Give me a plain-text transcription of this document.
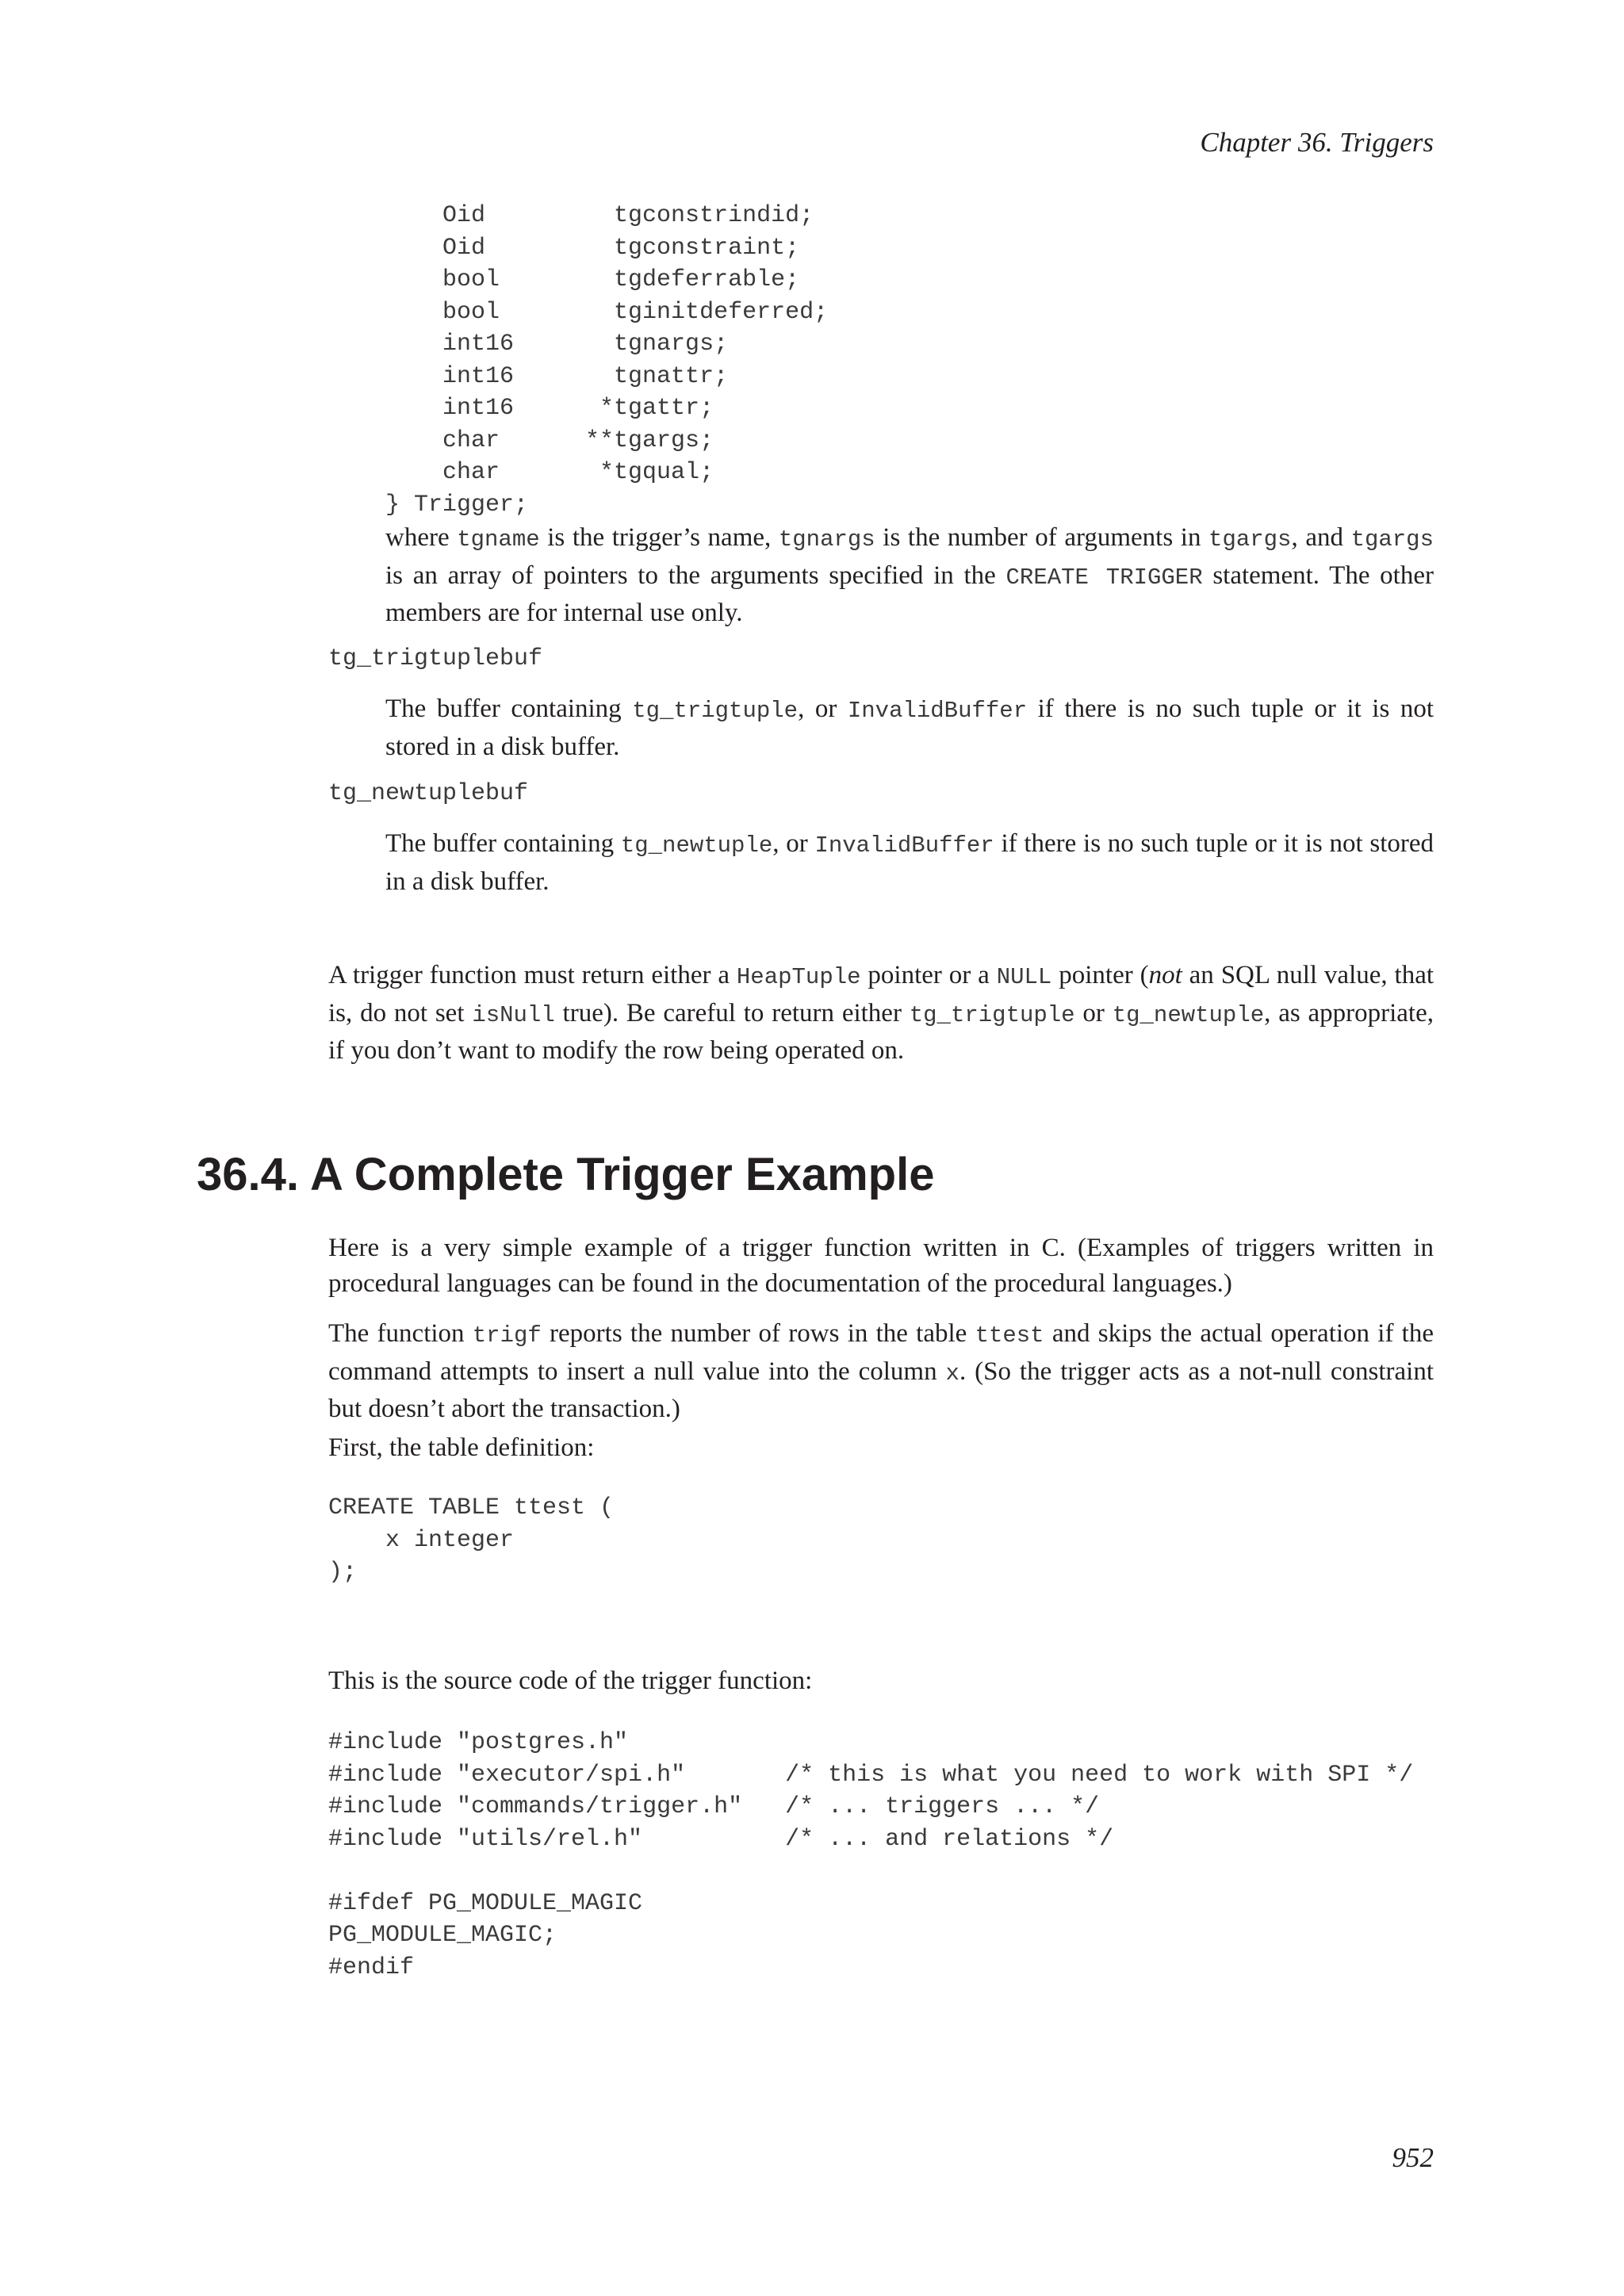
Chapter 36. Triggers
Oid         tgconstrindid;
Oid         tgconstraint;
bool        tgdeferrable;
bool        tginitdeferred;
int16       tgnargs;
int16       tgnattr;
int16      *tgattr;
char      **tgargs;
char       *tgqual;
} Trigger;
where tgname is the trigger’s name, tgnargs is the number of arguments in tgargs, and tgargs is an array of pointers to the arguments specified in the CREATE TRIGGER statement. The other members are for internal use only.
tg_trigtuplebuf
The buffer containing tg_trigtuple, or InvalidBuffer if there is no such tuple or it is not stored in a disk buffer.
tg_newtuplebuf
The buffer containing tg_newtuple, or InvalidBuffer if there is no such tuple or it is not stored in a disk buffer.
A trigger function must return either a HeapTuple pointer or a NULL pointer (not an SQL null value, that is, do not set isNull true). Be careful to return either tg_trigtuple or tg_newtuple, as appropriate, if you don’t want to modify the row being operated on.
36.4. A Complete Trigger Example
Here is a very simple example of a trigger function written in C. (Examples of triggers written in procedural languages can be found in the documentation of the procedural languages.)
The function trigf reports the number of rows in the table ttest and skips the actual operation if the command attempts to insert a null value into the column x. (So the trigger acts as a not-null constraint but doesn’t abort the transaction.)
First, the table definition:
CREATE TABLE ttest (
x integer
);
This is the source code of the trigger function:
#include "postgres.h"
#include "executor/spi.h"       /* this is what you need to work with SPI */
#include "commands/trigger.h"   /* ... triggers ... */
#include "utils/rel.h"          /* ... and relations */

#ifdef PG_MODULE_MAGIC
PG_MODULE_MAGIC;
#endif
952
